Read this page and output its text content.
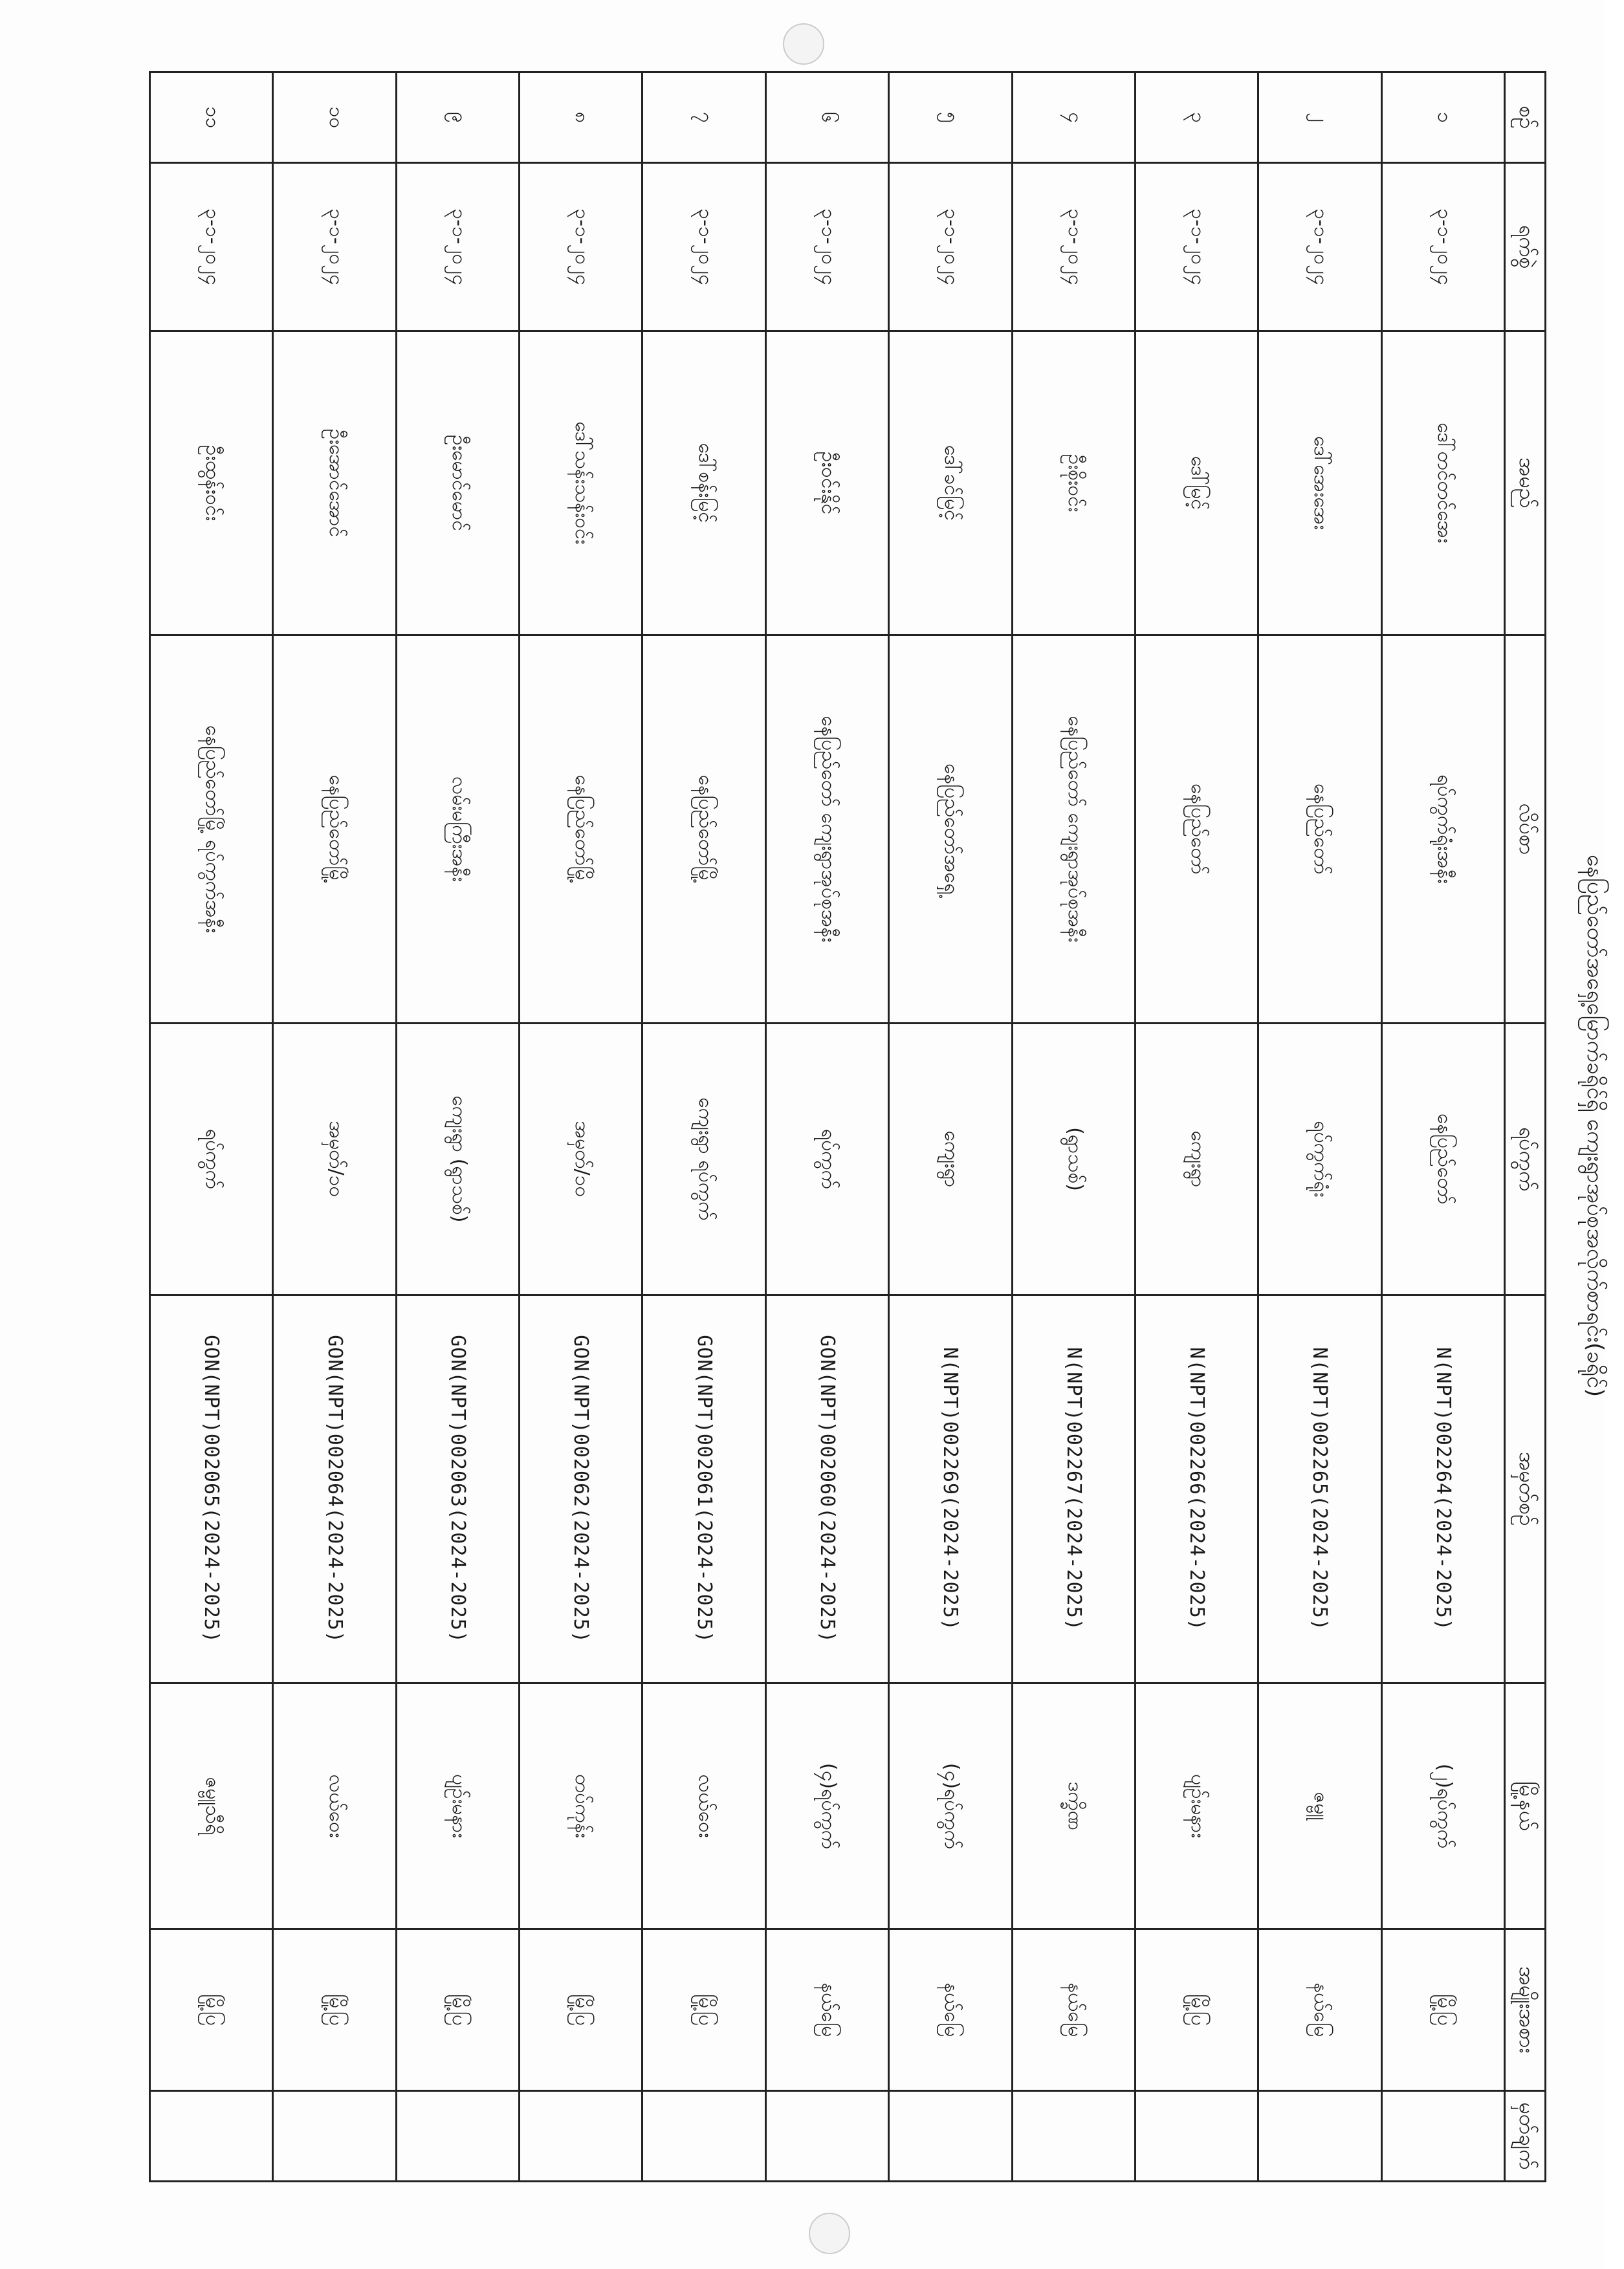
နေပြည်တော်အရှေ့မြောက်ခရိုင်ရှိ ကျေးရွာအုပ်စုအလိုက်စာရင်း(ခရိုင်)
စဉ်	ရက်စွဲ	အမည်	လိပ်စာ	ရပ်ကွက်	အမှတ်စဉ်	မြို့နယ်	အမျိုးအစား	မှတ်ချက်
၁	၃-၁-၂၀၂၄	ဒေါ်တင်တင်အေး	ရပ်ကွက်ရုံးအနီး	နေပြည်တော်	N(NPT)002264(2024-2025)	(၂)ရပ်ကွက်	မြို့ပြ	
၂	၃-၁-၂၀၂၄	ဒေါ်အေးအေး	နေပြည်တော်	ရပ်ကွက်ရုံး	N(NPT)002265(2024-2025)	ဇမ္ဗူ	နယ်မြေ	
၃	၃-၁-၂၀၂၄	ဒေါ်မြင့်	နေပြည်တော်	ကျေးရွာ	N(NPT)002266(2024-2025)	ပျဉ်းမနား	မြို့ပြ	
၄	၃-၁-၂၀၂၄	ဦးစိုးဝင်း	နေပြည်တော် ကျေးရွာအုပ်စုအနီး	(ရွာသစ်)	N(NPT)002267(2024-2025)	ဒက္ခိဏ	နယ်မြေ	
၅	၃-၁-၂၀၂၄	ဒေါ်ခင်မြင့်	နေပြည်တော်အရှေ့	ကျေးရွာ	N(NPT)002269(2024-2025)	(၄)ရပ်ကွက်	နယ်မြေ	
၆	၃-၁-၂၀၂၄	ဦးဝင်းနိုင်	နေပြည်တော် ကျေးရွာအုပ်စုအနီး	ရပ်ကွက်	GON(NPT)002060(2024-2025)	(၄)ရပ်ကွက်	နယ်မြေ	
၇	၃-၁-၂၀၂၄	ဒေါ်စန်းမြင့်	နေပြည်တော်မြို့	ကျေးရွာ ရပ်ကွက်	GON(NPT)002061(2024-2025)	လယ်ဝေး	မြို့ပြ	
၈	၃-၁-၂၀၂၄	ဒေါ်သန်းသန်းဝင်း	နေပြည်တော်မြို့	အမှတ်/၁၀	GON(NPT)002062(2024-2025)	တပ်ကုန်း	မြို့ပြ	
၉	၃-၁-၂၀၂၄	ဦးမောင်မောင်	လမ်းမကြီးအနီး	ကျေးရွာ (ရွာသစ်)	GON(NPT)002063(2024-2025)	ပျဉ်းမနား	မြို့ပြ	
၁၀	၃-၁-၂၀၂၄	ဦးအောင်အောင်	နေပြည်တော်မြို့	အမှတ်/၁၀	GON(NPT)002064(2024-2025)	လယ်ဝေး	မြို့ပြ	
၁၁	၃-၁-၂၀၂၄	ဦးထွန်းဝင်း	နေပြည်တော်မြို့ ရပ်ကွက်အနီး	ရပ်ကွက်	GON(NPT)002065(2024-2025)	ဇမ္ဗူသီရိ	မြို့ပြ	
